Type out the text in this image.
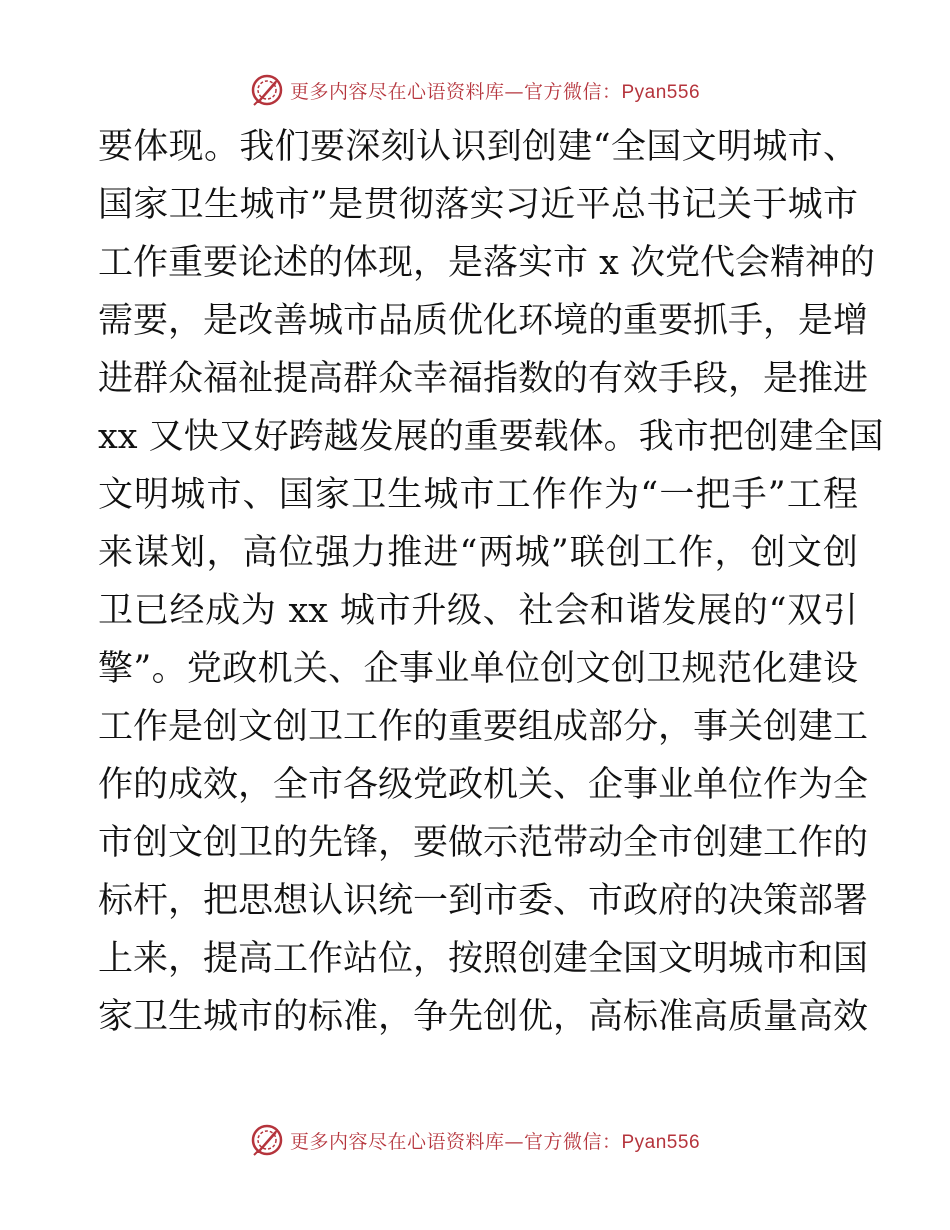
更多内容尽在心语资料库—官方微信：Pyan556
要体现。我们要深刻认识到创建“全国文明城市、
国家卫生城市”是贯彻落实习近平总书记关于城市
工作重要论述的体现，是落实市 x 次党代会精神的
需要，是改善城市品质优化环境的重要抓手，是增
进群众福祉提高群众幸福指数的有效手段，是推进
xx 又快又好跨越发展的重要载体。我市把创建全国
文明城市、国家卫生城市工作作为“一把手”工程
来谋划，高位强力推进“两城”联创工作，创文创
卫已经成为 xx 城市升级、社会和谐发展的“双引
擎”。党政机关、企事业单位创文创卫规范化建设
工作是创文创卫工作的重要组成部分，事关创建工
作的成效，全市各级党政机关、企事业单位作为全
市创文创卫的先锋，要做示范带动全市创建工作的
标杆，把思想认识统一到市委、市政府的决策部署
上来，提高工作站位，按照创建全国文明城市和国
家卫生城市的标准，争先创优，高标准高质量高效
更多内容尽在心语资料库—官方微信：Pyan556
